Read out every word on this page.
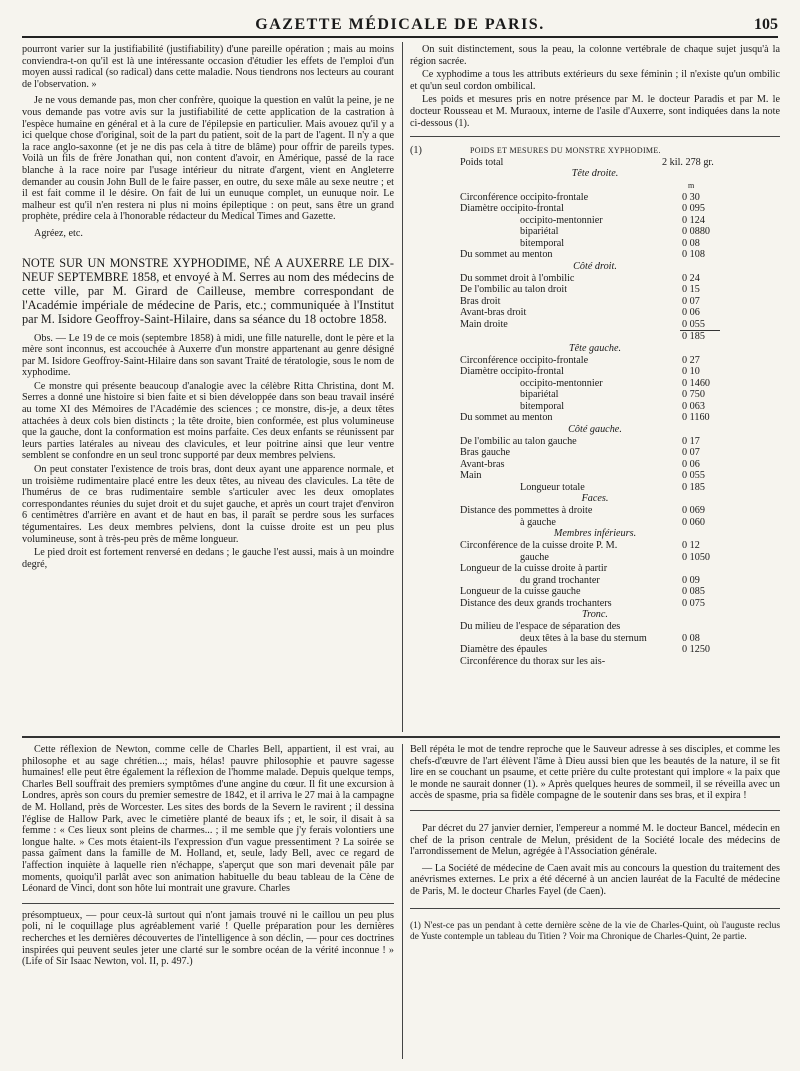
GAZETTE MÉDICALE DE PARIS.	105

pourront varier sur la justifiabilité (justifiability) d'une pareille opération ; mais au moins conviendra-t-on qu'il est là une intéressante occasion d'étudier les effets de l'emploi d'un moyen aussi radical (so radical) dans cette maladie. Nous tiendrons nos lecteurs au courant de l'observation. »

Je ne vous demande pas, mon cher confrère, quoique la question en valût la peine, je ne vous demande pas votre avis sur la justifiabilité de cette application de la castration à l'espèce humaine en général et à la cure de l'épilepsie en particulier. Mais avouez qu'il y a ici quelque chose d'original, soit de la part du patient, soit de la part de l'agent. Il n'y a que la race anglo-saxonne (et je ne dis pas cela à titre de blâme) pour offrir de pareils types. Voilà un fils de frère Jonathan qui, non content d'avoir, en Amérique, passé de la race blanche à la race noire par l'usage intérieur du nitrate d'argent, vient en Angleterre demander au cousin John Bull de le faire passer, en outre, du sexe mâle au sexe neutre ; et il est fait comme il le désire. On fait de lui un eunuque complet, un eunuque noir. Le malheur est qu'il n'en restera ni plus ni moins épileptique : on peut, sans être un grand prophète, prédire cela à l'honorable rédacteur du Medical Times and Gazette.

Agréez, etc.

NOTE SUR UN MONSTRE XYPHODIME, NÉ A AUXERRE LE DIX-NEUF SEPTEMBRE 1858, et envoyé à M. Serres au nom des médecins de cette ville, par M. Girard de Cailleuse, membre correspondant de l'Académie impériale de médecine de Paris, etc.; communiquée à l'Institut par M. Isidore Geoffroy-Saint-Hilaire, dans sa séance du 18 octobre 1858.

Obs. — Le 19 de ce mois (septembre 1858) à midi, une fille naturelle, dont le père et la mère sont inconnus, est accouchée à Auxerre d'un monstre appartenant au genre désigné par M. Isidore Geoffroy-Saint-Hilaire dans son savant Traité de tératologie, sous le nom de xyphodime.

Ce monstre qui présente beaucoup d'analogie avec la célèbre Ritta Christina, dont M. Serres a donné une histoire si bien faite et si bien développée dans son beau travail inséré au tome XI des Mémoires de l'Académie des sciences ; ce monstre, dis-je, a deux têtes attachées à deux cols bien distincts ; la tête droite, bien conformée, est plus volumineuse que la gauche, dont la conformation est moins parfaite. Ces deux enfants se réunissent par leurs parties latérales au niveau des clavicules, et leur poitrine ainsi que leur ventre semblent se confondre en un seul tronc supporté par deux membres pelviens.

On peut constater l'existence de trois bras, dont deux ayant une apparence normale, et un troisième rudimentaire placé entre les deux têtes, au niveau des clavicules. La tête de l'humérus de ce bras rudimentaire semble s'articuler avec les deux omoplates correspondantes réunies du sujet droit et du sujet gauche, et après un court trajet d'environ 6 centimètres d'arrière en avant et de haut en bas, il paraît se perdre sous les surfaces tégumentaires. Les deux membres pelviens, dont la cuisse droite est un peu plus volumineuse, sont à très-peu près de même longueur.

Le pied droit est fortement renversé en dedans ; le gauche l'est aussi, mais à un moindre degré,

On suit distinctement, sous la peau, la colonne vertébrale de chaque sujet jusqu'à la région sacrée.

Ce xyphodime a tous les attributs extérieurs du sexe féminin ; il n'existe qu'un ombilic et qu'un seul cordon ombilical.

Les poids et mesures pris en notre présence par M. le docteur Paradis et par M. le docteur Rousseau et M. Muraoux, interne de l'asile d'Auxerre, sont indiquées dans la note ci-dessous (1).

(1)	POIDS ET MESURES DU MONSTRE XYPHODIME.
Poids total	2 kil. 278 gr.
Tête droite.
m
Circonférence occipito-frontale	0 30
Diamètre occipito-frontal	0 095
occipito-mentonnier	0 124
bipariétal	0 0880
bitemporal	0 08
Du sommet au menton	0 108
Côté droit.
Du sommet droit à l'ombilic	0 24
De l'ombilic au talon droit	0 15
Bras droit	0 07
Avant-bras droit	0 06
Main droite	0 055
0 185
Tête gauche.
Circonférence occipito-frontale	0 27
Diamètre occipito-frontal	0 10
occipito-mentonnier	0 1460
bipariétal	0 750
bitemporal	0 063
Du sommet au menton	0 1160
Côté gauche.
De l'ombilic au talon gauche	0 17
Bras gauche	0 07
Avant-bras	0 06
Main	0 055
Longueur totale	0 185
Faces.
Distance des pommettes à droite	0 069
à gauche	0 060
Membres inférieurs.
Circonférence de la cuisse droite P. M.	0 12
gauche	0 1050
Longueur de la cuisse droite à partir
du grand trochanter	0 09
Longueur de la cuisse gauche	0 085
Distance des deux grands trochanters	0 075
Tronc.
Du milieu de l'espace de séparation des
deux têtes à la base du sternum	0 08
Diamètre des épaules	0 1250
Circonférence du thorax sur les ais-

Cette réflexion de Newton, comme celle de Charles Bell, appartient, il est vrai, au philosophe et au sage chrétien...; mais, hélas! pauvre philosophie et pauvre sagesse humaines! elle peut être également la réflexion de l'homme malade. Depuis quelque temps, Charles Bell souffrait des premiers symptômes d'une angine du cœur. Il fit une excursion à Londres, après son cours du premier semestre de 1842, et il arriva le 27 mai à la campagne de M. Holland, près de Worcester. Les sites des bords de la Severn le ravirent ; il dessina l'église de Hallow Park, avec le cimetière planté de beaux ifs ; et, le soir, il disait à sa femme : « Ces lieux sont pleins de charmes... ; il me semble que j'y ferais volontiers une longue halte. » Ces mots étaient-ils l'expression d'un vague pressentiment ? La soirée se passa gaîment dans la famille de M. Holland, et, seule, lady Bell, avec ce regard de l'affection inquiète à laquelle rien n'échappe, s'aperçut que son mari devenait pâle par moments, quoiqu'il parlât avec son animation habituelle du beau tableau de la Cène de Léonard de Vinci, dont son hôte lui montrait une gravure. Charles

présomptueux, — pour ceux-là surtout qui n'ont jamais trouvé ni le caillou un peu plus poli, ni le coquillage plus agréablement varié ! Quelle préparation pour les dernières recherches et les dernières découvertes de l'intelligence à son déclin, — pour ces doctrines inspirées qui peuvent seules jeter une clarté sur le sombre océan de la vérité inconnue ! » (Life of Sir Isaac Newton, vol. II, p. 497.)

Bell répéta le mot de tendre reproche que le Sauveur adresse à ses disciples, et comme les chefs-d'œuvre de l'art élèvent l'âme à Dieu aussi bien que les beautés de la nature, il se fit lire en se couchant un psaume, et cette prière du culte protestant qui implore « la paix que le monde ne saurait donner (1). » Après quelques heures de sommeil, il se réveilla avec un accès de spasme, pria sa fidèle compagne de le soutenir dans ses bras, et il expira !

Par décret du 27 janvier dernier, l'empereur a nommé M. le docteur Bancel, médecin en chef de la prison centrale de Melun, président de la Société locale des médecins de l'arrondissement de Melun, agrégée à l'Association générale.

— La Société de médecine de Caen avait mis au concours la question du traitement des anévrismes externes. Le prix a été décerné à un ancien lauréat de la Faculté de médecine de Paris, M. le docteur Charles Fayel (de Caen).

(1) N'est-ce pas un pendant à cette dernière scène de la vie de Charles-Quint, où l'auguste reclus de Yuste contemple un tableau du Titien ? Voir ma Chronique de Charles-Quint, 2e partie.
